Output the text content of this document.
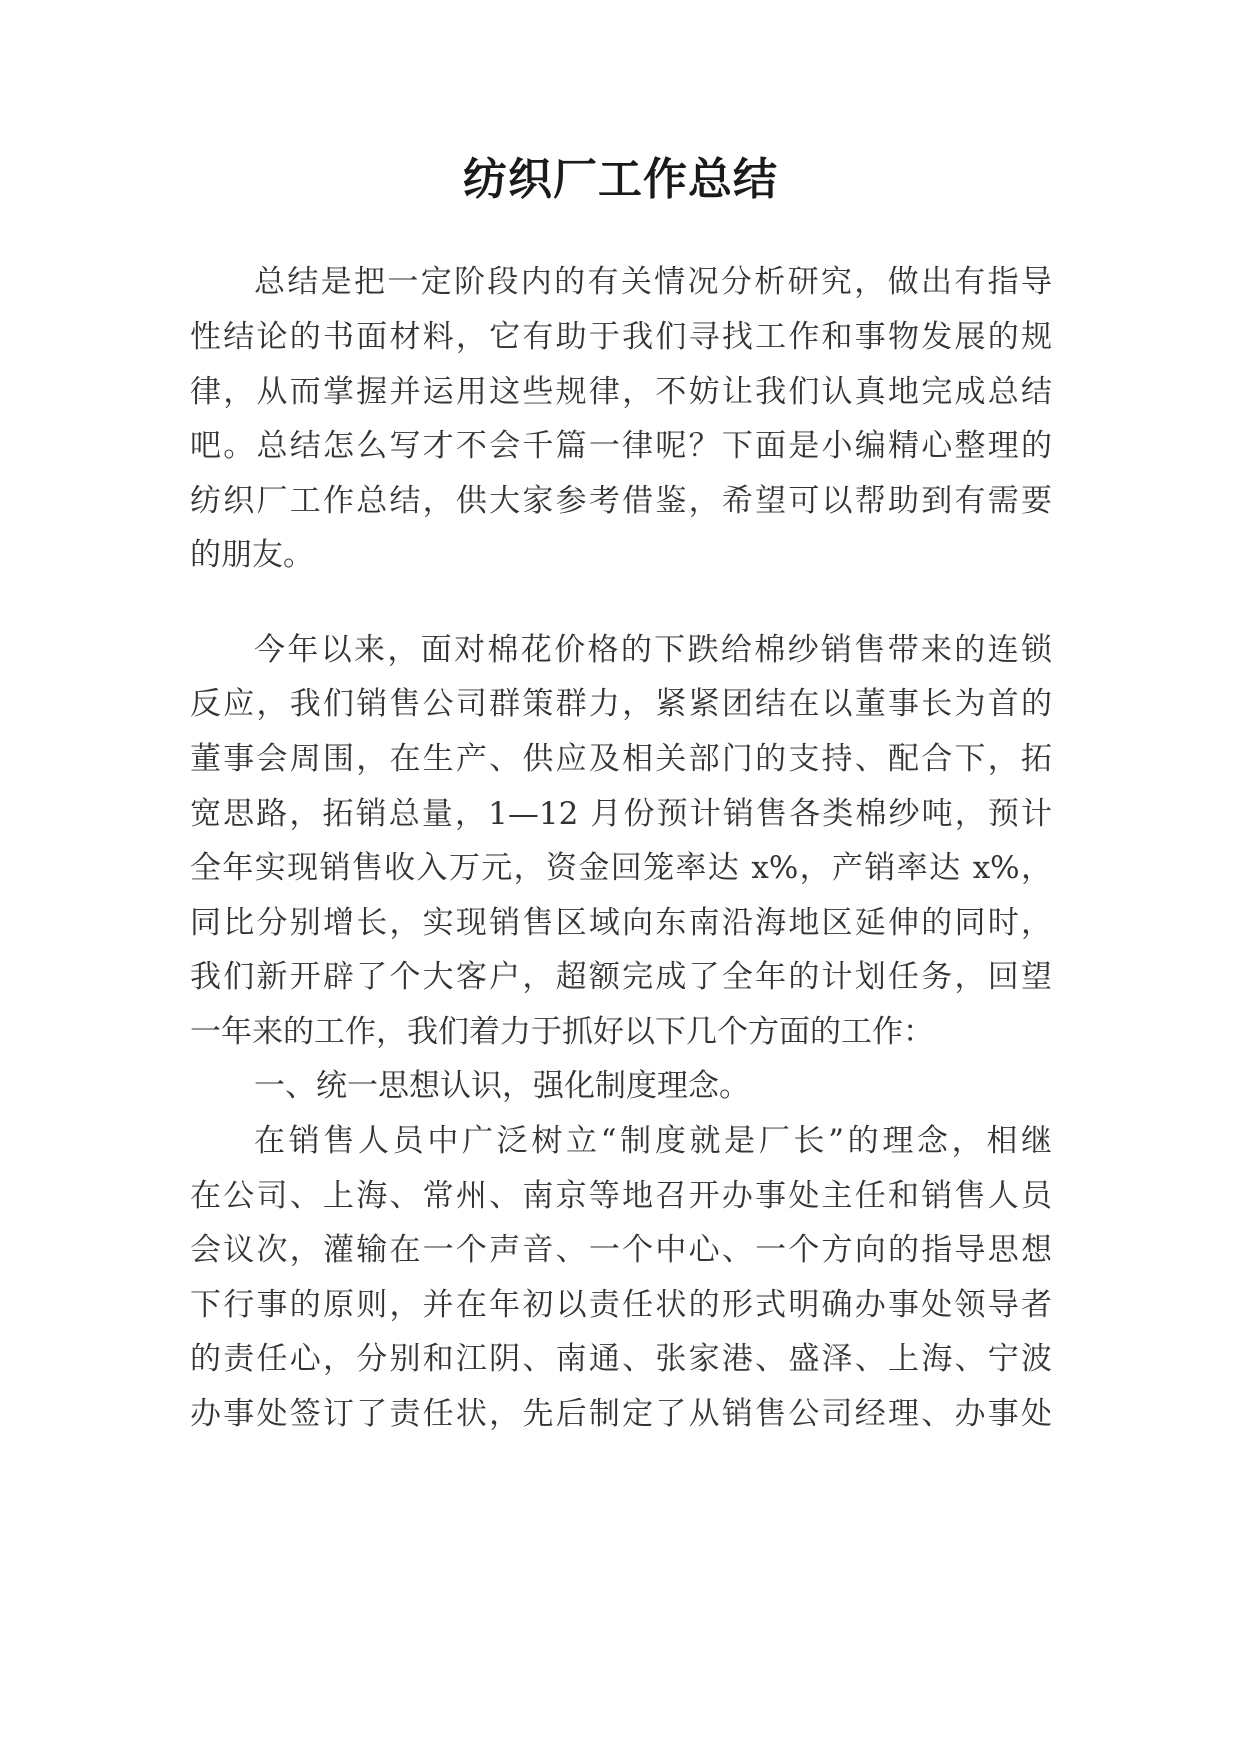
纺织厂工作总结
总结是把一定阶段内的有关情况分析研究，做出有指导
性结论的书面材料，它有助于我们寻找工作和事物发展的规
律，从而掌握并运用这些规律，不妨让我们认真地完成总结
吧。总结怎么写才不会千篇一律呢？下面是小编精心整理的
纺织厂工作总结，供大家参考借鉴，希望可以帮助到有需要
的朋友。
今年以来，面对棉花价格的下跌给棉纱销售带来的连锁
反应，我们销售公司群策群力，紧紧团结在以董事长为首的
董事会周围，在生产、供应及相关部门的支持、配合下，拓
宽思路，拓销总量，1—12 月份预计销售各类棉纱吨，预计
全年实现销售收入万元，资金回笼率达 x%，产销率达 x%，
同比分别增长，实现销售区域向东南沿海地区延伸的同时，
我们新开辟了个大客户，超额完成了全年的计划任务，回望
一年来的工作，我们着力于抓好以下几个方面的工作：
一、统一思想认识，强化制度理念。
在销售人员中广泛树立“制度就是厂长”的理念，相继
在公司、上海、常州、南京等地召开办事处主任和销售人员
会议次，灌输在一个声音、一个中心、一个方向的指导思想
下行事的原则，并在年初以责任状的形式明确办事处领导者
的责任心，分别和江阴、南通、张家港、盛泽、上海、宁波
办事处签订了责任状，先后制定了从销售公司经理、办事处
